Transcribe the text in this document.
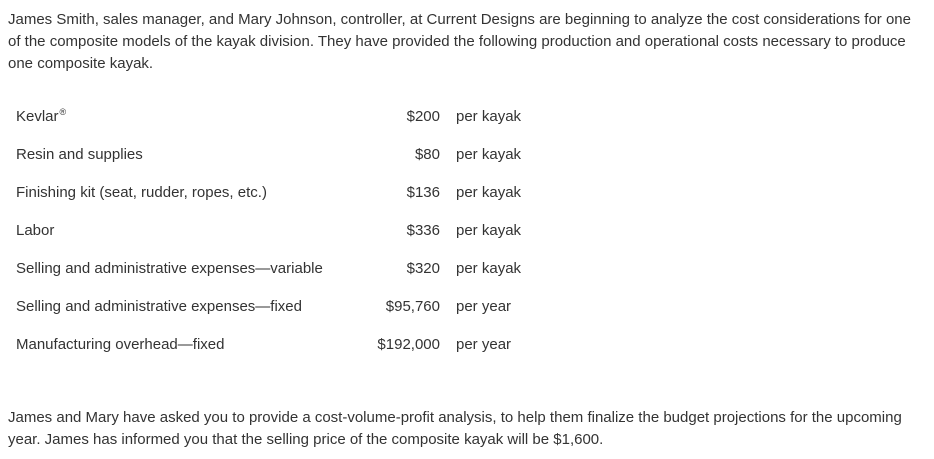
James Smith, sales manager, and Mary Johnson, controller, at Current Designs are beginning to analyze the cost considerations for one of the composite models of the kayak division. They have provided the following production and operational costs necessary to produce one composite kayak.

Kevlar®	$200	per kayak
Resin and supplies	$80	per kayak
Finishing kit (seat, rudder, ropes, etc.)	$136	per kayak
Labor	$336	per kayak
Selling and administrative expenses—variable	$320	per kayak
Selling and administrative expenses—fixed	$95,760	per year
Manufacturing overhead—fixed	$192,000	per year

James and Mary have asked you to provide a cost-volume-profit analysis, to help them finalize the budget projections for the upcoming year. James has informed you that the selling price of the composite kayak will be $1,600.
